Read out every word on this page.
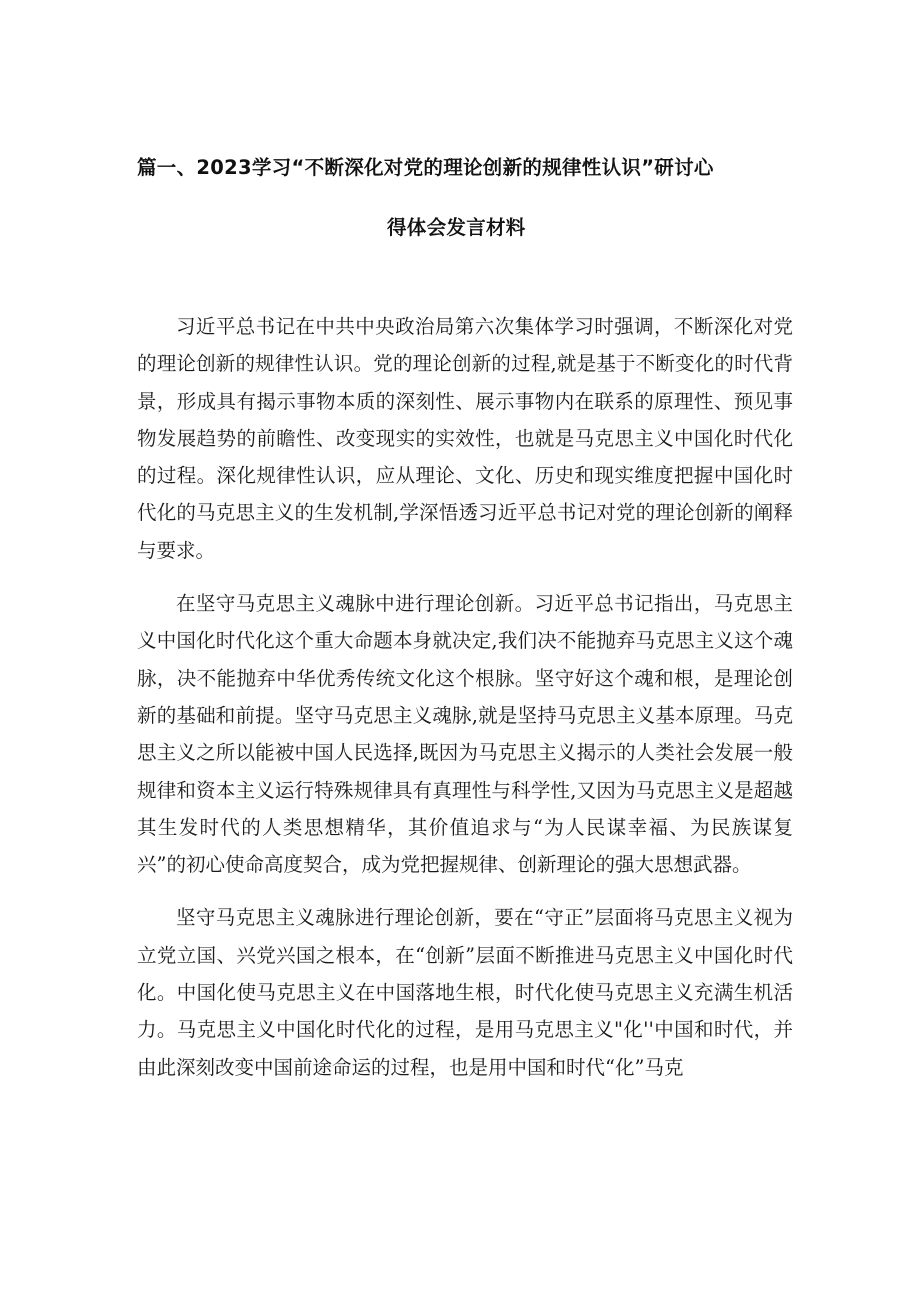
篇一、2023学习“不断深化对党的理论创新的规律性认识”研讨心
得体会发言材料

习近平总书记在中共中央政治局第六次集体学习时强调，不断深化对党的理论创新的规律性认识。党的理论创新的过程,就是基于不断变化的时代背景，形成具有揭示事物本质的深刻性、展示事物内在联系的原理性、预见事物发展趋势的前瞻性、改变现实的实效性，也就是马克思主义中国化时代化的过程。深化规律性认识，应从理论、文化、历史和现实维度把握中国化时代化的马克思主义的生发机制,学深悟透习近平总书记对党的理论创新的阐释与要求。

在坚守马克思主义魂脉中进行理论创新。习近平总书记指出，马克思主义中国化时代化这个重大命题本身就决定,我们决不能抛弃马克思主义这个魂脉，决不能抛弃中华优秀传统文化这个根脉。坚守好这个魂和根，是理论创新的基础和前提。坚守马克思主义魂脉,就是坚持马克思主义基本原理。马克思主义之所以能被中国人民选择,既因为马克思主义揭示的人类社会发展一般规律和资本主义运行特殊规律具有真理性与科学性,又因为马克思主义是超越其生发时代的人类思想精华，其价值追求与“为人民谋幸福、为民族谋复兴”的初心使命高度契合，成为党把握规律、创新理论的强大思想武器。

坚守马克思主义魂脉进行理论创新，要在“守正”层面将马克思主义视为立党立国、兴党兴国之根本，在“创新”层面不断推进马克思主义中国化时代化。中国化使马克思主义在中国落地生根，时代化使马克思主义充满生机活力。马克思主义中国化时代化的过程，是用马克思主义"化''中国和时代，并由此深刻改变中国前途命运的过程，也是用中国和时代“化”马克
